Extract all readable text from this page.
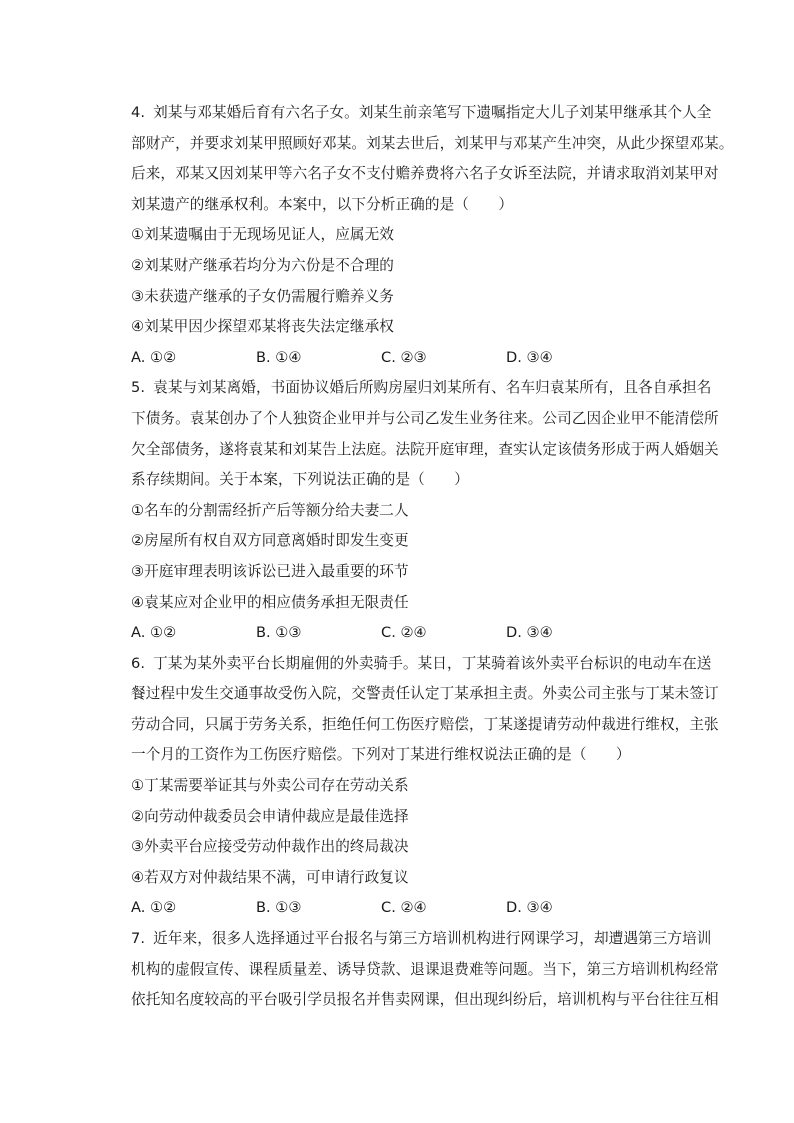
4. 刘某与邓某婚后育有六名子女。刘某生前亲笔写下遗嘱指定大儿子刘某甲继承其个人全
部财产，并要求刘某甲照顾好邓某。刘某去世后，刘某甲与邓某产生冲突，从此少探望邓某。
后来，邓某又因刘某甲等六名子女不支付赡养费将六名子女诉至法院，并请求取消刘某甲对
刘某遗产的继承权利。本案中，以下分析正确的是（　　）
①刘某遗嘱由于无现场见证人，应属无效
②刘某财产继承若均分为六份是不合理的
③未获遗产继承的子女仍需履行赡养义务
④刘某甲因少探望邓某将丧失法定继承权
A. ①②	B. ①④	C. ②③	D. ③④
5. 袁某与刘某离婚，书面协议婚后所购房屋归刘某所有、名车归袁某所有，且各自承担名
下债务。袁某创办了个人独资企业甲并与公司乙发生业务往来。公司乙因企业甲不能清偿所
欠全部债务，遂将袁某和刘某告上法庭。法院开庭审理，查实认定该债务形成于两人婚姻关
系存续期间。关于本案，下列说法正确的是（　　）
①名车的分割需经折产后等额分给夫妻二人
②房屋所有权自双方同意离婚时即发生变更
③开庭审理表明该诉讼已进入最重要的环节
④袁某应对企业甲的相应债务承担无限责任
A. ①②	B. ①③	C. ②④	D. ③④
6. 丁某为某外卖平台长期雇佣的外卖骑手。某日，丁某骑着该外卖平台标识的电动车在送
餐过程中发生交通事故受伤入院，交警责任认定丁某承担主责。外卖公司主张与丁某未签订
劳动合同，只属于劳务关系，拒绝任何工伤医疗赔偿，丁某遂提请劳动仲裁进行维权，主张
一个月的工资作为工伤医疗赔偿。下列对丁某进行维权说法正确的是（　　）
①丁某需要举证其与外卖公司存在劳动关系
②向劳动仲裁委员会申请仲裁应是最佳选择
③外卖平台应接受劳动仲裁作出的终局裁决
④若双方对仲裁结果不满，可申请行政复议
A. ①②	B. ①③	C. ②④	D. ③④
7. 近年来，很多人选择通过平台报名与第三方培训机构进行网课学习，却遭遇第三方培训
机构的虚假宣传、课程质量差、诱导贷款、退课退费难等问题。当下，第三方培训机构经常
依托知名度较高的平台吸引学员报名并售卖网课，但出现纠纷后，培训机构与平台往往互相
